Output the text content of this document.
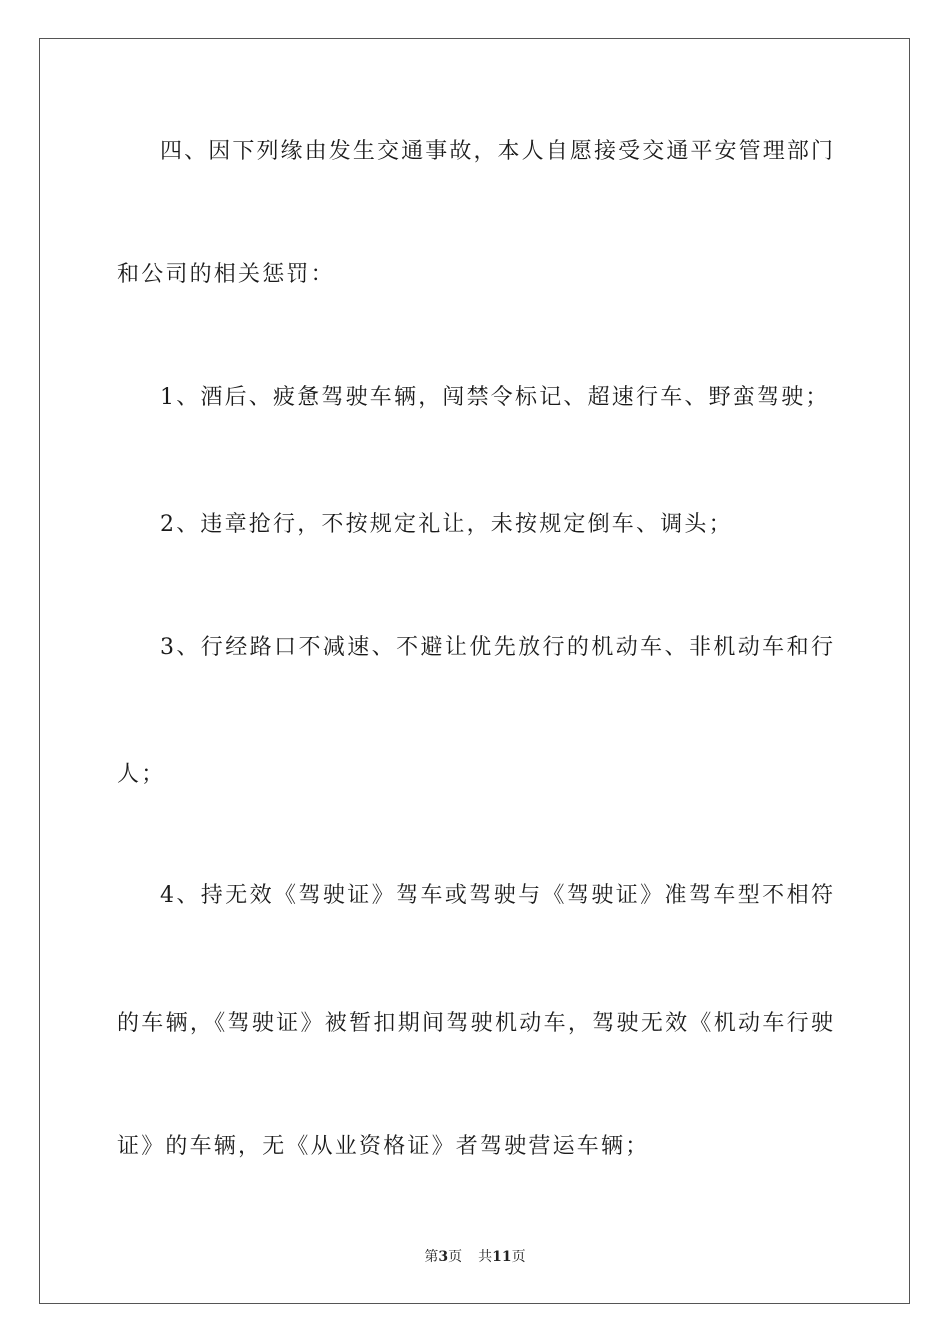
四、因下列缘由发生交通事故，本人自愿接受交通平安管理部门
和公司的相关惩罚：
1、酒后、疲惫驾驶车辆，闯禁令标记、超速行车、野蛮驾驶；
2、违章抢行，不按规定礼让，未按规定倒车、调头；
3、行经路口不减速、不避让优先放行的机动车、非机动车和行
人；
4、持无效《驾驶证》驾车或驾驶与《驾驶证》准驾车型不相符
的车辆，《驾驶证》被暂扣期间驾驶机动车，驾驶无效《机动车行驶
证》的车辆，无《从业资格证》者驾驶营运车辆；
第3页 共11页
